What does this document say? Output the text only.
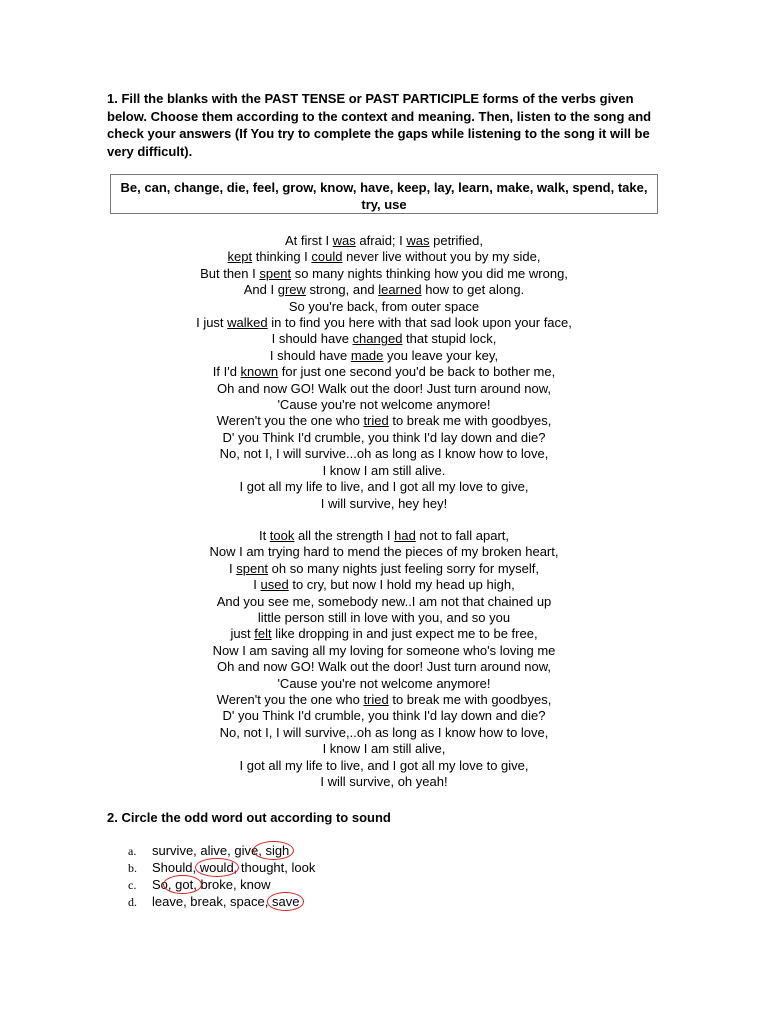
1. Fill the blanks with the PAST TENSE or PAST PARTICIPLE forms of the verbs given below. Choose them according to the context and meaning. Then, listen to the song and check your answers (If You try to complete the gaps while listening to the song it will be very difficult).
Be, can, change, die, feel, grow, know, have, keep, lay, learn, make, walk, spend, take, try, use
At first I was afraid; I was petrified,
kept thinking I could never live without you by my side,
But then I spent so many nights thinking how you did me wrong,
And I grew strong, and learned how to get along.
So you're back, from outer space
I just walked in to find you here with that sad look upon your face,
I should have changed that stupid lock,
I should have made you leave your key,
If I'd known for just one second you'd be back to bother me,
Oh and now GO! Walk out the door! Just turn around now,
'Cause you're not welcome anymore!
Weren't you the one who tried to break me with goodbyes,
D' you Think I'd crumble, you think I'd lay down and die?
No, not I, I will survive...oh as long as I know how to love,
I know I am still alive.
I got all my life to live, and I got all my love to give,
I will survive, hey hey!
It took all the strength I had not to fall apart,
Now I am trying hard to mend the pieces of my broken heart,
I spent oh so many nights just feeling sorry for myself,
I used to cry, but now I hold my head up high,
And you see me, somebody new..I am not that chained up
little person still in love with you, and so you
just felt like dropping in and just expect me to be free,
Now I am saving all my loving for someone who's loving me
Oh and now GO! Walk out the door! Just turn around now,
'Cause you're not welcome anymore!
Weren't you the one who tried to break me with goodbyes,
D' you Think I'd crumble, you think I'd lay down and die?
No, not I, I will survive,..oh as long as I know how to love,
I know I am still alive,
I got all my life to live, and I got all my love to give,
I will survive, oh yeah!
2. Circle the odd word out according to sound
a. survive, alive, give, sigh
b. Should, would, thought, look
c. So, got, broke, know
d. leave, break, space, save
